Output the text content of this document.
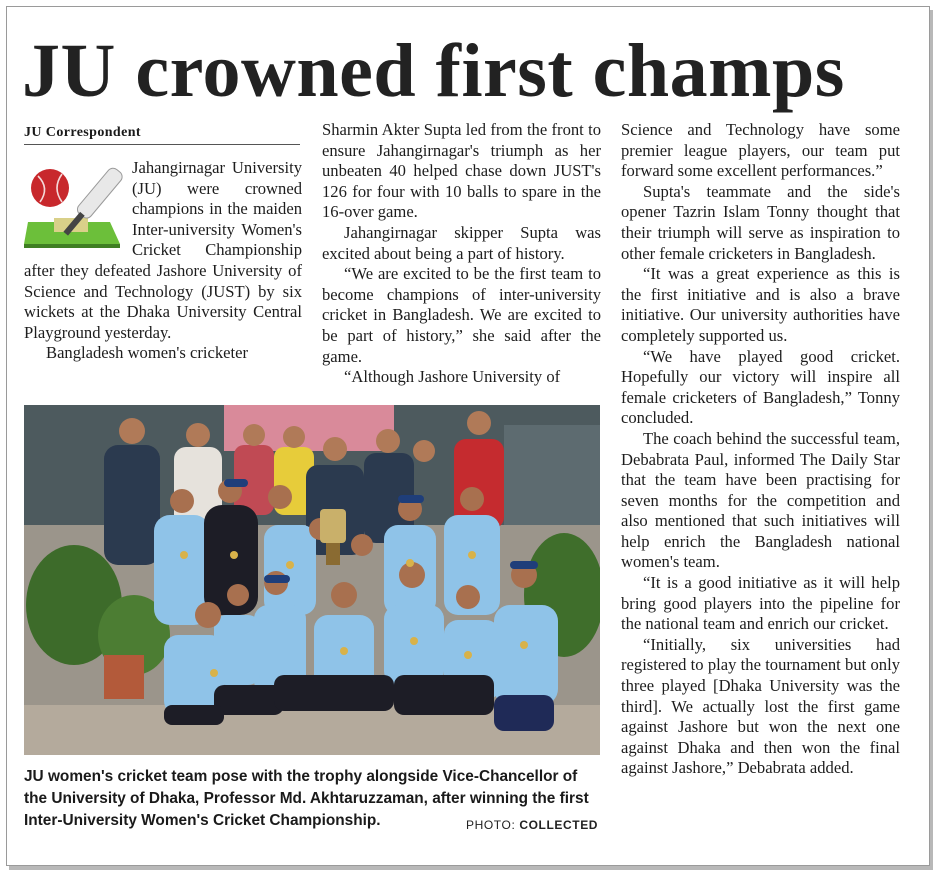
JU crowned first champs
JU Correspondent

Jahangirnagar University (JU) were crowned champions in the maiden Inter-university Women's Cricket Championship after they defeated Jashore University of Science and Technology (JUST) by six wickets at the Dhaka University Central Playground yesterday.

Bangladesh women's cricketer

Sharmin Akter Supta led from the front to ensure Jahangirnagar's triumph as her unbeaten 40 helped chase down JUST's 126 for four with 10 balls to spare in the 16-over game.

Jahangirnagar skipper Supta was excited about being a part of history.

“We are excited to be the first team to become champions of inter-university cricket in Bangladesh. We are excited to be part of history,” she said after the game.

“Although Jashore University of

Science and Technology have some premier league players, our team put forward some excellent performances.”

Supta's teammate and the side's opener Tazrin Islam Tonny thought that their triumph will serve as inspiration to other female cricketers in Bangladesh.

“It was a great experience as this is the first initiative and is also a brave initiative. Our university authorities have completely supported us.

“We have played good cricket. Hopefully our victory will inspire all female cricketers of Bangladesh,” Tonny concluded.

The coach behind the successful team, Debabrata Paul, informed The Daily Star that the team have been practising for seven months for the competition and also mentioned that such initiatives will help enrich the Bangladesh national women's team.

“It is a good initiative as it will help bring good players into the pipeline for the national team and enrich our cricket.

“Initially, six universities had registered to play the tournament but only three played [Dhaka University was the third]. We actually lost the first game against Jashore but won the next one against Dhaka and then won the final against Jashore,” Debabrata added.

JU women's cricket team pose with the trophy alongside Vice-Chancellor of the University of Dhaka, Professor Md. Akhtaruzzaman, after winning the first Inter-University Women's Cricket Championship.	PHOTO: COLLECTED
